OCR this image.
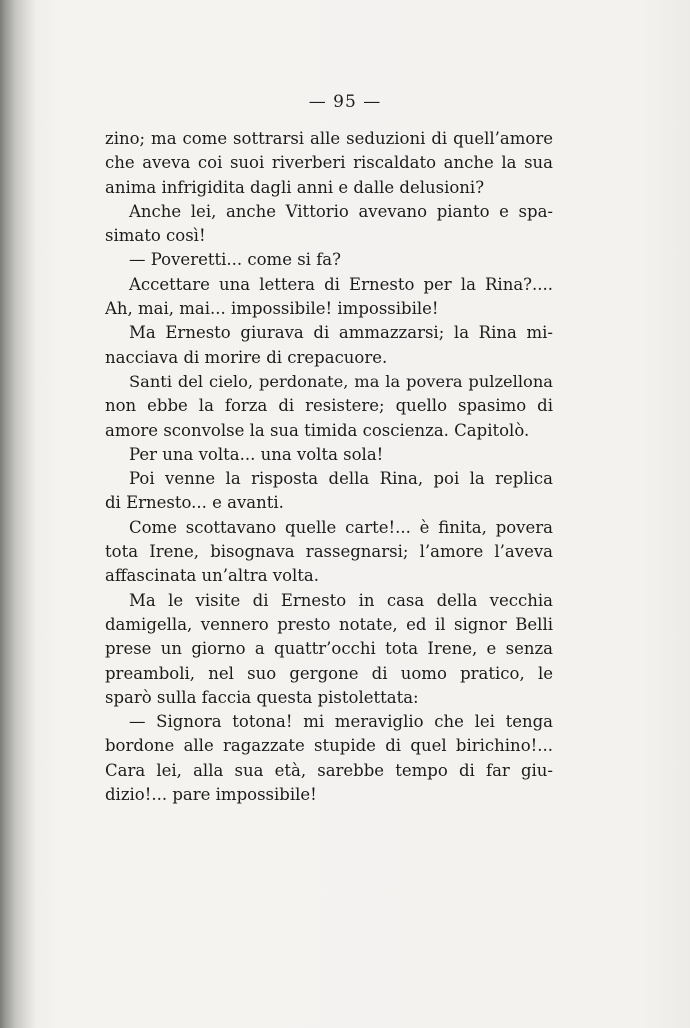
— 95 —
zino; ma come sottrarsi alle seduzioni di quell’amore
che aveva coi suoi riverberi riscaldato anche la sua
anima infrigidita dagli anni e dalle delusioni?
Anche lei, anche Vittorio avevano pianto e spa-
simato così!
— Poveretti... come si fa?
Accettare una lettera di Ernesto per la Rina?....
Ah, mai, mai... impossibile! impossibile!
Ma Ernesto giurava di ammazzarsi; la Rina mi-
nacciava di morire di crepacuore.
Santi del cielo, perdonate, ma la povera pulzellona
non ebbe la forza di resistere; quello spasimo di
amore sconvolse la sua timida coscienza. Capitolò.
Per una volta... una volta sola!
Poi venne la risposta della Rina, poi la replica
di Ernesto... e avanti.
Come scottavano quelle carte!... è finita, povera
tota Irene, bisognava rassegnarsi; l’amore l’aveva
affascinata un’altra volta.
Ma le visite di Ernesto in casa della vecchia
damigella, vennero presto notate, ed il signor Belli
prese un giorno a quattr’occhi tota Irene, e senza
preamboli, nel suo gergone di uomo pratico, le
sparò sulla faccia questa pistolettata:
— Signora totona! mi meraviglio che lei tenga
bordone alle ragazzate stupide di quel birichino!...
Cara lei, alla sua età, sarebbe tempo di far giu-
dizio!... pare impossibile!
